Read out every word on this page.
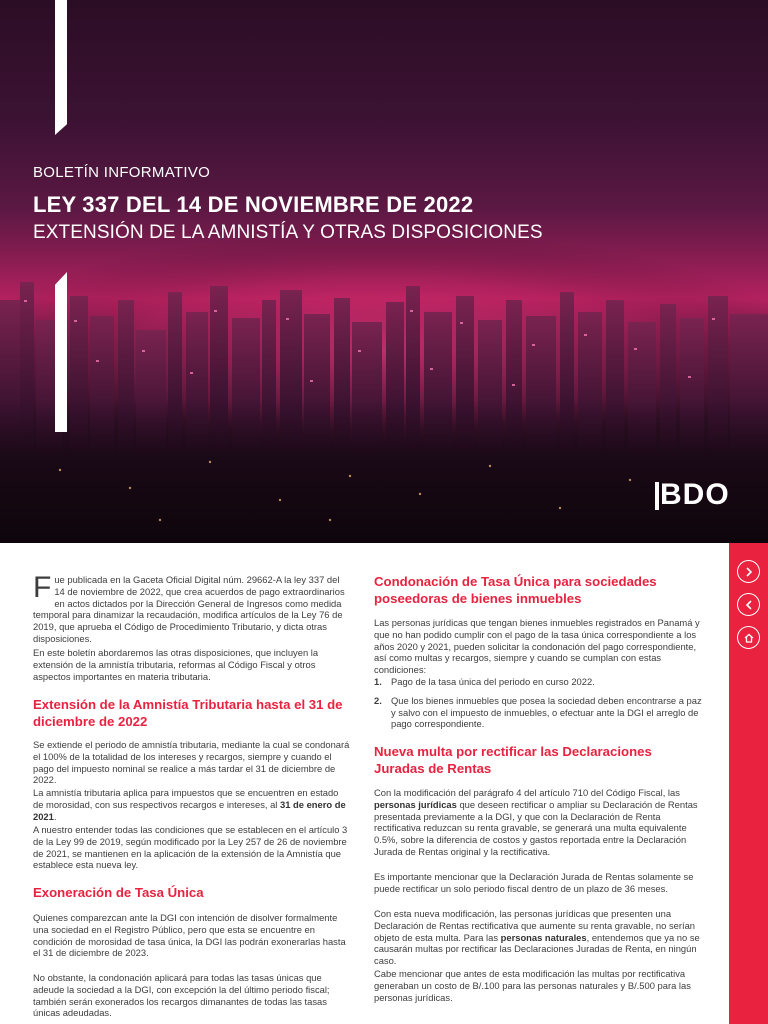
BOLETÍN INFORMATIVO
LEY 337 DEL 14 DE NOVIEMBRE DE 2022
EXTENSIÓN DE LA AMNISTÍA Y OTRAS DISPOSICIONES
BDO
337 DEL 14 DE NOVIEMBRE DE 2022

Fue publicada en la Gaceta Oficial Digital núm. 29662-A la ley 337 del 14 de noviembre de 2022, que crea acuerdos de pago extraordinarios en actos dictados por la Dirección General de Ingresos como medida temporal para dinamizar la recaudación, modifica artículos de la Ley 76 de 2019, que aprueba el Código de Procedimiento Tributario, y dicta otras disposiciones.

En este boletín abordaremos las otras disposiciones, que incluyen la extensión de la amnistía tributaria, reformas al Código Fiscal y otros aspectos importantes en materia tributaria.

Extensión de la Amnistía Tributaria hasta el 31 de diciembre de 2022

Se extiende el periodo de amnistía tributaria, mediante la cual se condonará el 100% de la totalidad de los intereses y recargos, siempre y cuando el pago del impuesto nominal se realice a más tardar el 31 de diciembre de 2022.

La amnistía tributaria aplica para impuestos que se encuentren en estado de morosidad, con sus respectivos recargos e intereses, al 31 de enero de 2021.

A nuestro entender todas las condiciones que se establecen en el artículo 3 de la Ley 99 de 2019, según modificado por la Ley 257 de 26 de noviembre de 2021, se mantienen en la aplicación de la extensión de la Amnistía que establece esta nueva ley.

Exoneración de Tasa Única

Quienes comparezcan ante la DGI con intención de disolver formalmente una sociedad en el Registro Público, pero que esta se encuentre en condición de morosidad de tasa única, la DGI las podrán exonerarlas hasta el 31 de diciembre de 2023.

No obstante, la condonación aplicará para todas las tasas únicas que adeude la sociedad a la DGI, con excepción la del último periodo fiscal; también serán exonerados los recargos dimanantes de todas las tasas únicas adeudadas.

Condonación de Tasa Única para sociedades poseedoras de bienes inmuebles

Las personas jurídicas que tengan bienes inmuebles registrados en Panamá y que no han podido cumplir con el pago de la tasa única correspondiente a los años 2020 y 2021, pueden solicitar la condonación del pago correspondiente, así como multas y recargos, siempre y cuando se cumplan con estas condiciones:

1. Pago de la tasa única del periodo en curso 2022.
2. Que los bienes inmuebles que posea la sociedad deben encontrarse a paz y salvo con el impuesto de inmuebles, o efectuar ante la DGI el arreglo de pago correspondiente.
Nueva multa por rectificar las Declaraciones Juradas de Rentas

Con la modificación del parágrafo 4 del artículo 710 del Código Fiscal, las personas jurídicas que deseen rectificar o ampliar su Declaración de Rentas presentada previamente a la DGI, y que con la Declaración de Renta rectificativa reduzcan su renta gravable, se generará una multa equivalente 0.5%, sobre la diferencia de costos y gastos reportada entre la Declaración Jurada de Rentas original y la rectificativa.

Es importante mencionar que la Declaración Jurada de Rentas solamente se puede rectificar un solo periodo fiscal dentro de un plazo de 36 meses.

Con esta nueva modificación, las personas jurídicas que presenten una Declaración de Rentas rectificativa que aumente su renta gravable, no serían objeto de esta multa. Para las personas naturales, entendemos que ya no se causarán multas por rectificar las Declaraciones Juradas de Renta, en ningún caso.

Cabe mencionar que antes de esta modificación las multas por rectificativa generaban un costo de B/.100 para las personas naturales y B/.500 para las personas jurídicas.
